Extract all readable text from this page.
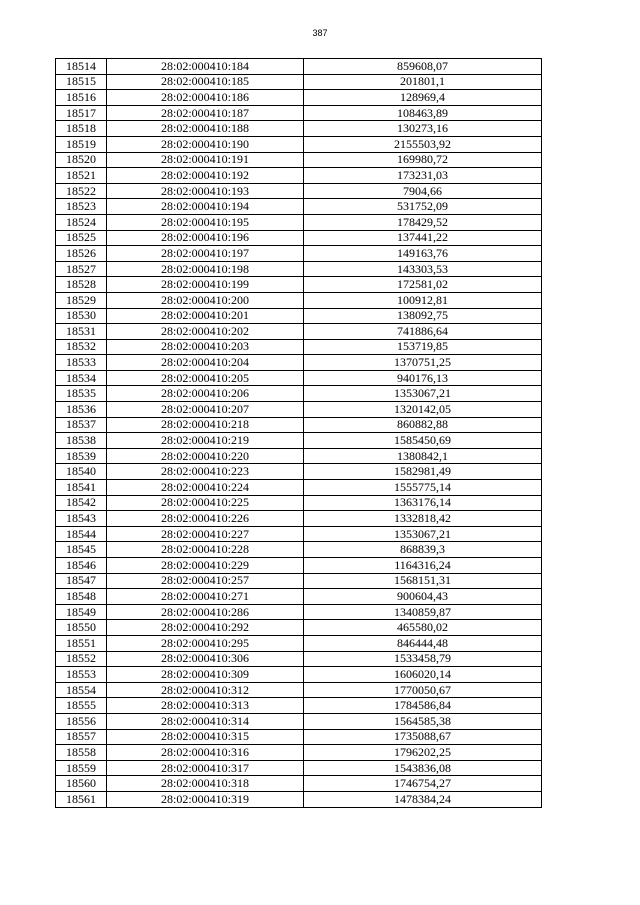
387
18514	28:02:000410:184	859608,07
18515	28:02:000410:185	201801,1
18516	28:02:000410:186	128969,4
18517	28:02:000410:187	108463,89
18518	28:02:000410:188	130273,16
18519	28:02:000410:190	2155503,92
18520	28:02:000410:191	169980,72
18521	28:02:000410:192	173231,03
18522	28:02:000410:193	7904,66
18523	28:02:000410:194	531752,09
18524	28:02:000410:195	178429,52
18525	28:02:000410:196	137441,22
18526	28:02:000410:197	149163,76
18527	28:02:000410:198	143303,53
18528	28:02:000410:199	172581,02
18529	28:02:000410:200	100912,81
18530	28:02:000410:201	138092,75
18531	28:02:000410:202	741886,64
18532	28:02:000410:203	153719,85
18533	28:02:000410:204	1370751,25
18534	28:02:000410:205	940176,13
18535	28:02:000410:206	1353067,21
18536	28:02:000410:207	1320142,05
18537	28:02:000410:218	860882,88
18538	28:02:000410:219	1585450,69
18539	28:02:000410:220	1380842,1
18540	28:02:000410:223	1582981,49
18541	28:02:000410:224	1555775,14
18542	28:02:000410:225	1363176,14
18543	28:02:000410:226	1332818,42
18544	28:02:000410:227	1353067,21
18545	28:02:000410:228	868839,3
18546	28:02:000410:229	1164316,24
18547	28:02:000410:257	1568151,31
18548	28:02:000410:271	900604,43
18549	28:02:000410:286	1340859,87
18550	28:02:000410:292	465580,02
18551	28:02:000410:295	846444,48
18552	28:02:000410:306	1533458,79
18553	28:02:000410:309	1606020,14
18554	28:02:000410:312	1770050,67
18555	28:02:000410:313	1784586,84
18556	28:02:000410:314	1564585,38
18557	28:02:000410:315	1735088,67
18558	28:02:000410:316	1796202,25
18559	28:02:000410:317	1543836,08
18560	28:02:000410:318	1746754,27
18561	28:02:000410:319	1478384,24
